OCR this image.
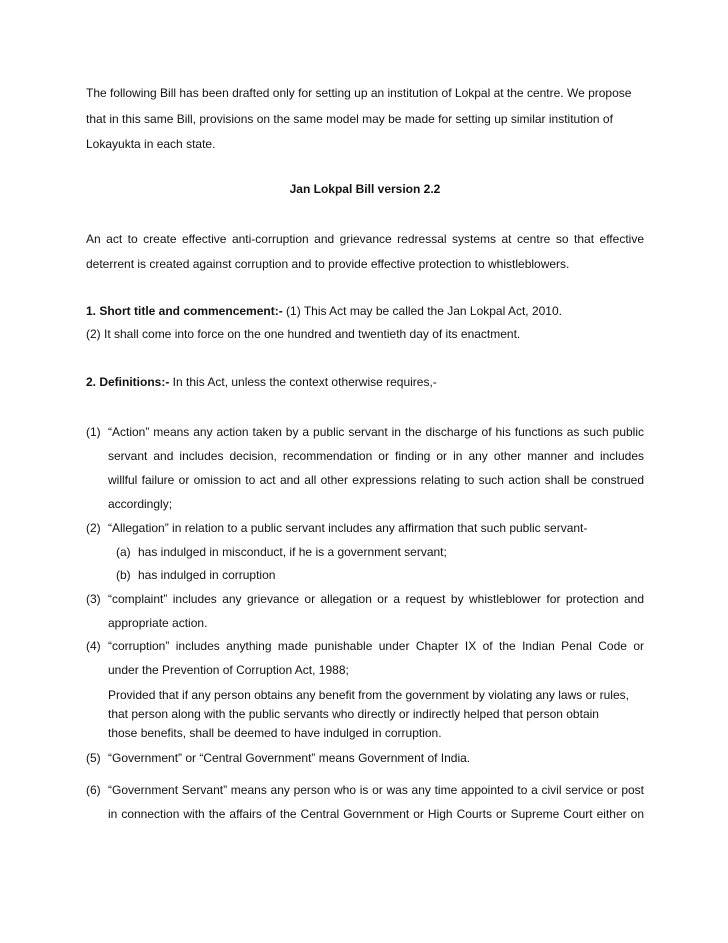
The following Bill has been drafted only for setting up an institution of Lokpal at the centre. We propose

that in this same Bill, provisions on the same model may be made for setting up similar institution of

Lokayukta in each state.

Jan Lokpal Bill version 2.2

An act to create effective anti-corruption and grievance redressal systems at centre so that effective

deterrent is created against corruption and to provide effective protection to whistleblowers.

1. Short title and commencement:- (1) This Act may be called the Jan Lokpal Act, 2010.

(2) It shall come into force on the one hundred and twentieth day of its enactment.

2. Definitions:- In this Act, unless the context otherwise requires,-

(1) “Action” means any action taken by a public servant in the discharge of his functions as such public
servant and includes decision, recommendation or finding or in any other manner and includes
willful failure or omission to act and all other expressions relating to such action shall be construed
accordingly;
(2) “Allegation” in relation to a public servant includes any affirmation that such public servant-
(a) has indulged in misconduct, if he is a government servant;
(b) has indulged in corruption
(3) “complaint” includes any grievance or allegation or a request by whistleblower for protection and
appropriate action.
(4) “corruption” includes anything made punishable under Chapter IX of the Indian Penal Code or
under the Prevention of Corruption Act, 1988;
Provided that if any person obtains any benefit from the government by violating any laws or rules,
that person along with the public servants who directly or indirectly helped that person obtain
those benefits, shall be deemed to have indulged in corruption.
(5) “Government” or “Central Government” means Government of India.
(6) “Government Servant” means any person who is or was any time appointed to a civil service or post
in connection with the affairs of the Central Government or High Courts or Supreme Court either on
